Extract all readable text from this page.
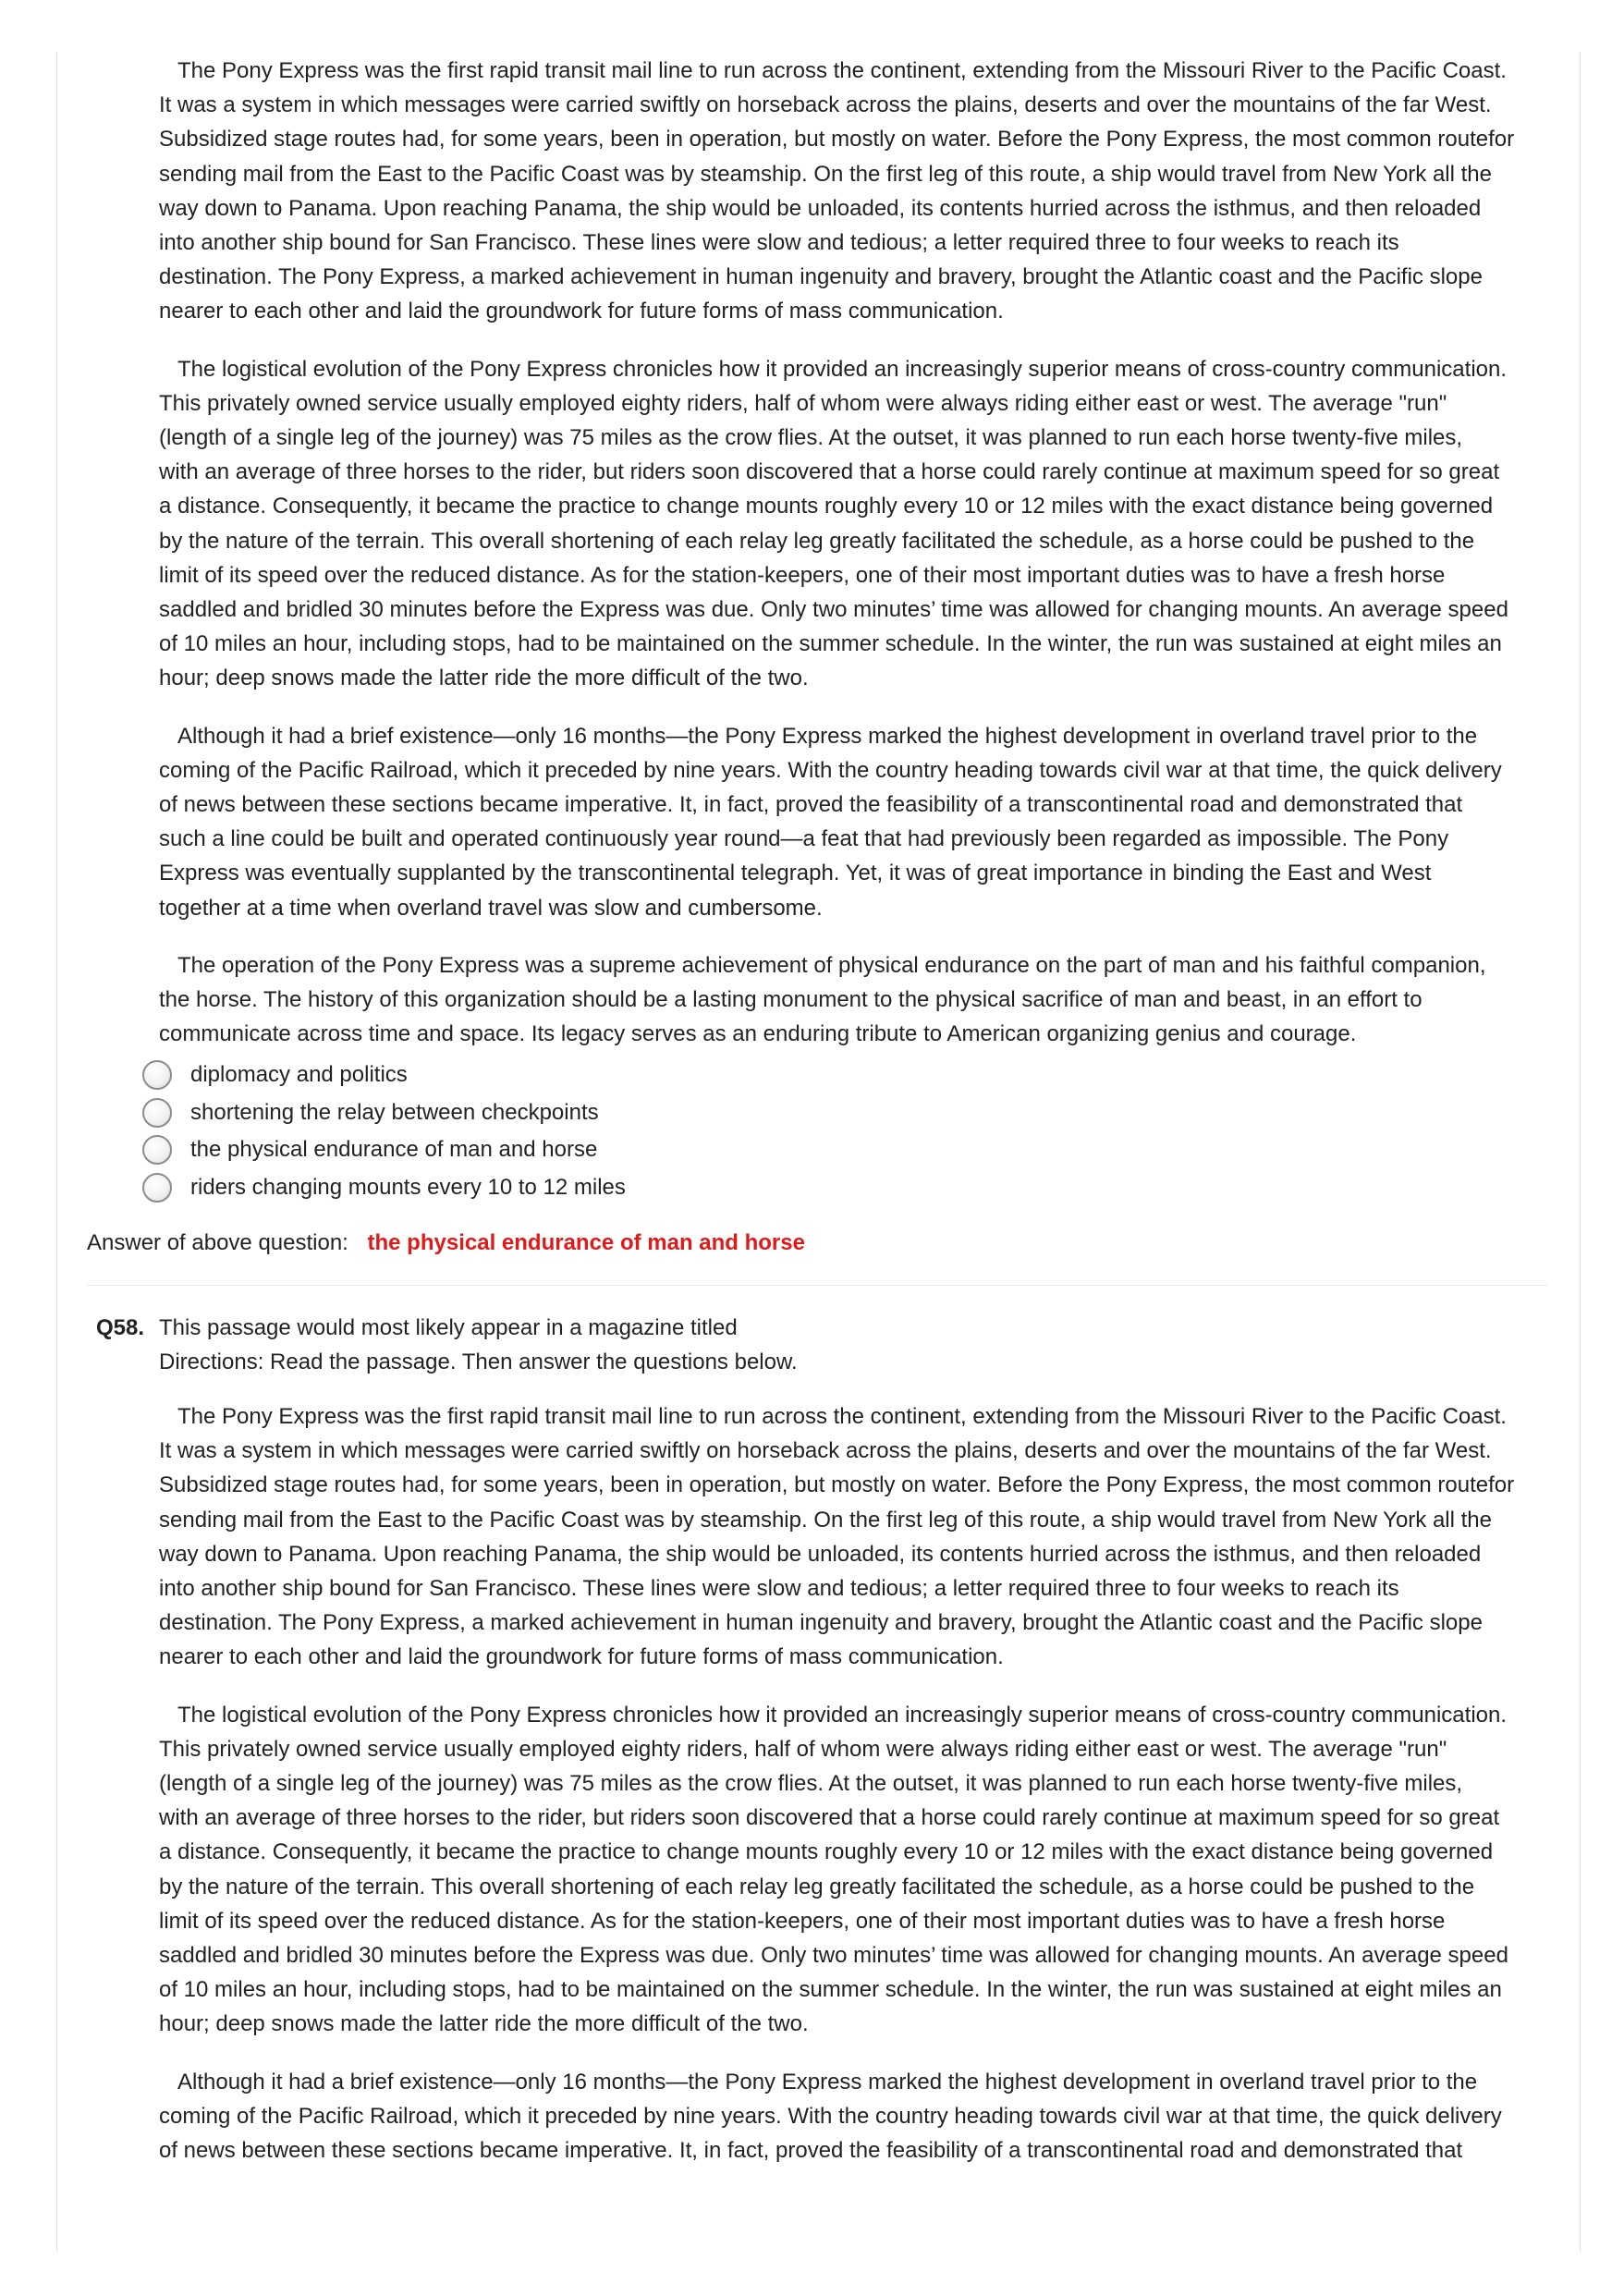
The Pony Express was the first rapid transit mail line to run across the continent, extending from the Missouri River to the Pacific Coast.
It was a system in which messages were carried swiftly on horseback across the plains, deserts and over the mountains of the far West.
Subsidized stage routes had, for some years, been in operation, but mostly on water. Before the Pony Express, the most common routefor
sending mail from the East to the Pacific Coast was by steamship. On the first leg of this route, a ship would travel from New York all the
way down to Panama. Upon reaching Panama, the ship would be unloaded, its contents hurried across the isthmus, and then reloaded
into another ship bound for San Francisco. These lines were slow and tedious; a letter required three to four weeks to reach its
destination. The Pony Express, a marked achievement in human ingenuity and bravery, brought the Atlantic coast and the Pacific slope
nearer to each other and laid the groundwork for future forms of mass communication.

The logistical evolution of the Pony Express chronicles how it provided an increasingly superior means of cross-country communication.
This privately owned service usually employed eighty riders, half of whom were always riding either east or west. The average "run"
(length of a single leg of the journey) was 75 miles as the crow flies. At the outset, it was planned to run each horse twenty-five miles,
with an average of three horses to the rider, but riders soon discovered that a horse could rarely continue at maximum speed for so great
a distance. Consequently, it became the practice to change mounts roughly every 10 or 12 miles with the exact distance being governed
by the nature of the terrain. This overall shortening of each relay leg greatly facilitated the schedule, as a horse could be pushed to the
limit of its speed over the reduced distance. As for the station-keepers, one of their most important duties was to have a fresh horse
saddled and bridled 30 minutes before the Express was due. Only two minutes’ time was allowed for changing mounts. An average speed
of 10 miles an hour, including stops, had to be maintained on the summer schedule. In the winter, the run was sustained at eight miles an
hour; deep snows made the latter ride the more difficult of the two.

Although it had a brief existence—only 16 months—the Pony Express marked the highest development in overland travel prior to the
coming of the Pacific Railroad, which it preceded by nine years. With the country heading towards civil war at that time, the quick delivery
of news between these sections became imperative. It, in fact, proved the feasibility of a transcontinental road and demonstrated that
such a line could be built and operated continuously year round—a feat that had previously been regarded as impossible. The Pony
Express was eventually supplanted by the transcontinental telegraph. Yet, it was of great importance in binding the East and West
together at a time when overland travel was slow and cumbersome.

The operation of the Pony Express was a supreme achievement of physical endurance on the part of man and his faithful companion,
the horse. The history of this organization should be a lasting monument to the physical sacrifice of man and beast, in an effort to
communicate across time and space. Its legacy serves as an enduring tribute to American organizing genius and courage.

diplomacy and politics
shortening the relay between checkpoints
the physical endurance of man and horse
riders changing mounts every 10 to 12 miles
Answer of above question: the physical endurance of man and horse
Q58. This passage would most likely appear in a magazine titled
Directions: Read the passage. Then answer the questions below.

The Pony Express was the first rapid transit mail line to run across the continent, extending from the Missouri River to the Pacific Coast.
It was a system in which messages were carried swiftly on horseback across the plains, deserts and over the mountains of the far West.
Subsidized stage routes had, for some years, been in operation, but mostly on water. Before the Pony Express, the most common routefor
sending mail from the East to the Pacific Coast was by steamship. On the first leg of this route, a ship would travel from New York all the
way down to Panama. Upon reaching Panama, the ship would be unloaded, its contents hurried across the isthmus, and then reloaded
into another ship bound for San Francisco. These lines were slow and tedious; a letter required three to four weeks to reach its
destination. The Pony Express, a marked achievement in human ingenuity and bravery, brought the Atlantic coast and the Pacific slope
nearer to each other and laid the groundwork for future forms of mass communication.

The logistical evolution of the Pony Express chronicles how it provided an increasingly superior means of cross-country communication.
This privately owned service usually employed eighty riders, half of whom were always riding either east or west. The average "run"
(length of a single leg of the journey) was 75 miles as the crow flies. At the outset, it was planned to run each horse twenty-five miles,
with an average of three horses to the rider, but riders soon discovered that a horse could rarely continue at maximum speed for so great
a distance. Consequently, it became the practice to change mounts roughly every 10 or 12 miles with the exact distance being governed
by the nature of the terrain. This overall shortening of each relay leg greatly facilitated the schedule, as a horse could be pushed to the
limit of its speed over the reduced distance. As for the station-keepers, one of their most important duties was to have a fresh horse
saddled and bridled 30 minutes before the Express was due. Only two minutes’ time was allowed for changing mounts. An average speed
of 10 miles an hour, including stops, had to be maintained on the summer schedule. In the winter, the run was sustained at eight miles an
hour; deep snows made the latter ride the more difficult of the two.

Although it had a brief existence—only 16 months—the Pony Express marked the highest development in overland travel prior to the
coming of the Pacific Railroad, which it preceded by nine years. With the country heading towards civil war at that time, the quick delivery
of news between these sections became imperative. It, in fact, proved the feasibility of a transcontinental road and demonstrated that
